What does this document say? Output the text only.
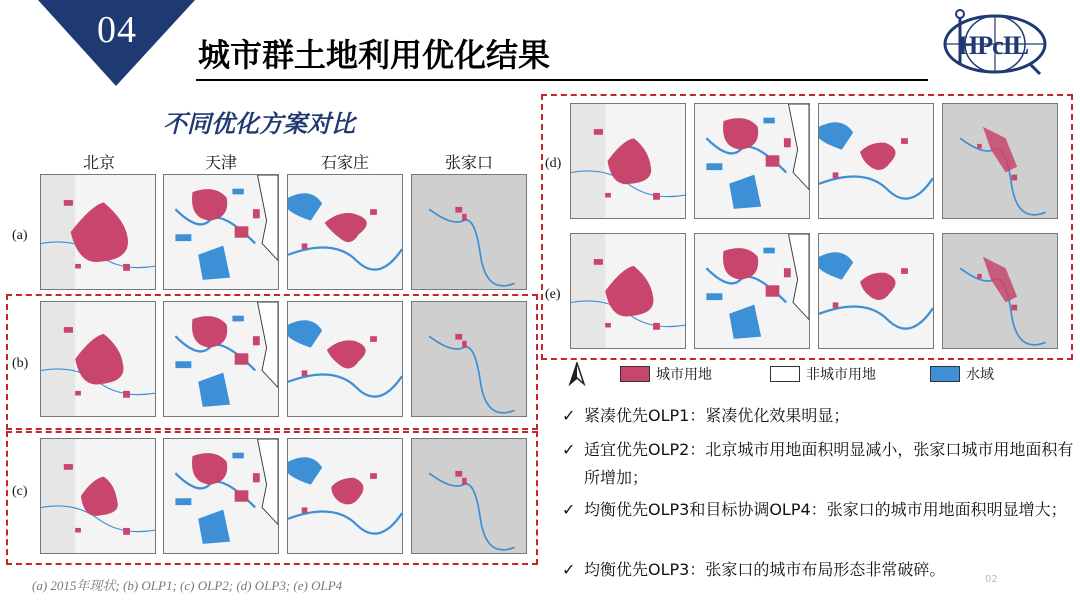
04
城市群土地利用优化结果	HPcIL
不同优化方案对比
北京	天津	石家庄	张家口
(a)
(b)
(c)
(d)
(e)
城市用地	非城市用地	水域
✓ 紧凑优先OLP1：紧凑优化效果明显；
✓ 适宜优先OLP2：北京城市用地面积明显减小，张家口城市用地面积有所增加；
✓ 均衡优先OLP3和目标协调OLP4：张家口的城市用地面积明显增大；
✓ 均衡优先OLP3：张家口的城市布局形态非常破碎。
(a) 2015年现状; (b) OLP1; (c) OLP2; (d) OLP3; (e) OLP4	02
